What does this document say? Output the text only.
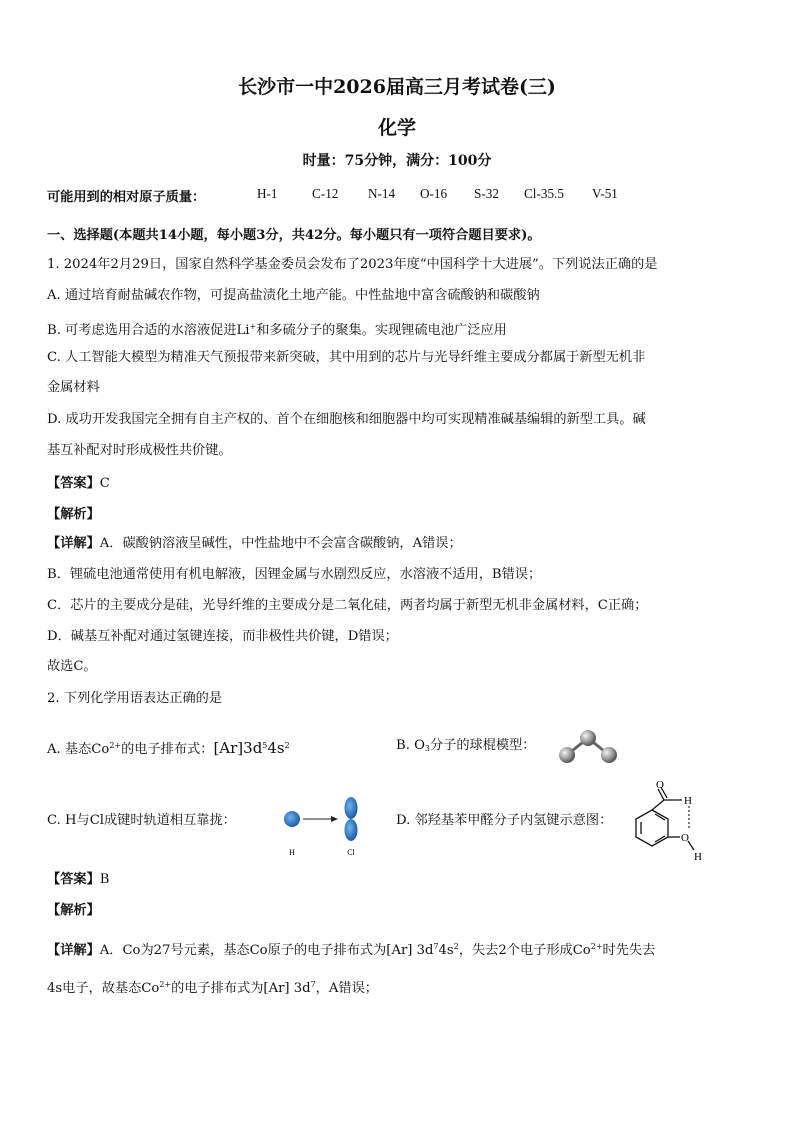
长沙市一中2026届高三月考试卷(三)
化学
时量：75分钟，满分：100分
可能用到的相对原子质量：	H-1	C-12 N-14 O-16 S-32 Cl-35.5 V-51
一、选择题(本题共14小题，每小题3分，共42分。每小题只有一项符合题目要求)。
1. 2024年2月29日，国家自然科学基金委员会发布了2023年度“中国科学十大进展”。下列说法正确的是
A. 通过培育耐盐碱农作物，可提高盐渍化土地产能。中性盐地中富含硫酸钠和碳酸钠
B. 可考虑选用合适的水溶液促进Li+和多硫分子的聚集。实现锂硫电池广泛应用
C. 人工智能大模型为精准天气预报带来新突破，其中用到的芯片与光导纤维主要成分都属于新型无机非
金属材料
D. 成功开发我国完全拥有自主产权的、首个在细胞核和细胞器中均可实现精准碱基编辑的新型工具。碱
基互补配对时形成极性共价键。
【答案】C
【解析】
【详解】A．碳酸钠溶液呈碱性，中性盐地中不会富含碳酸钠，A错误；
B．锂硫电池通常使用有机电解液，因锂金属与水剧烈反应，水溶液不适用，B错误；
C．芯片的主要成分是硅，光导纤维的主要成分是二氧化硅，两者均属于新型无机非金属材料，C正确；
D．碱基互补配对通过氢键连接，而非极性共价键，D错误；
故选C。
2. 下列化学用语表达正确的是
A. 基态$Co^{2+}$的电子排布式：$[Ar]3d^54s^2$	B. $O_3$分子的球棍模型：
C. H与Cl成键时轨道相互靠拢：
H	Cl
D. 邻羟基苯甲醛分子内氢键示意图：
O
H
O
H
【答案】B
【解析】
【详解】A．Co为27号元素，基态Co原子的电子排布式为[Ar] $3d^74s^2$，失去2个电子形成$Co^{2+}$时先失去
4s电子，故基态$Co^{2+}$的电子排布式为[Ar] $3d^7$，A错误；
